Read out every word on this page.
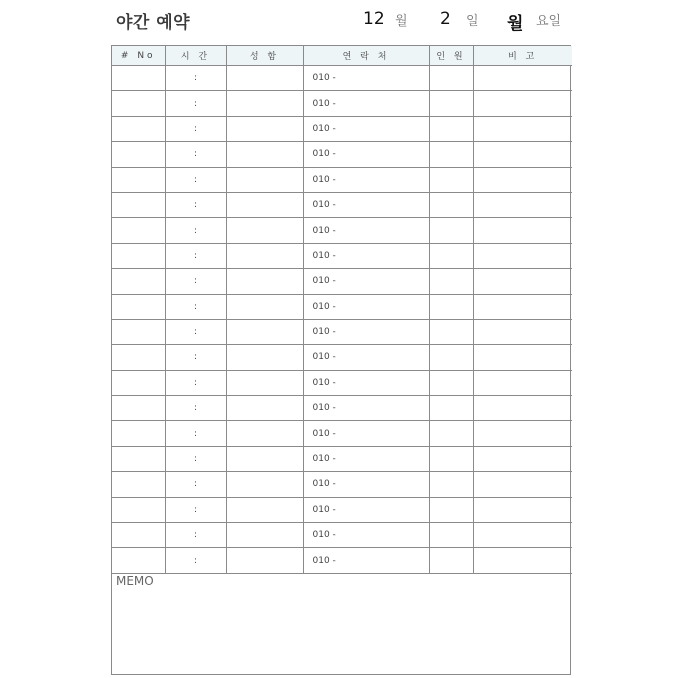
야간 예약	12 월 2 일 월 요일
# No	시 간	성 함	연 락 처	인 원	비 고
	:		010 -		
	:		010 -		
	:		010 -		
	:		010 -		
	:		010 -		
	:		010 -		
	:		010 -		
	:		010 -		
	:		010 -		
	:		010 -		
	:		010 -		
	:		010 -		
	:		010 -		
	:		010 -		
	:		010 -		
	:		010 -		
	:		010 -		
	:		010 -		
	:		010 -		
	:		010 -		
MEMO
